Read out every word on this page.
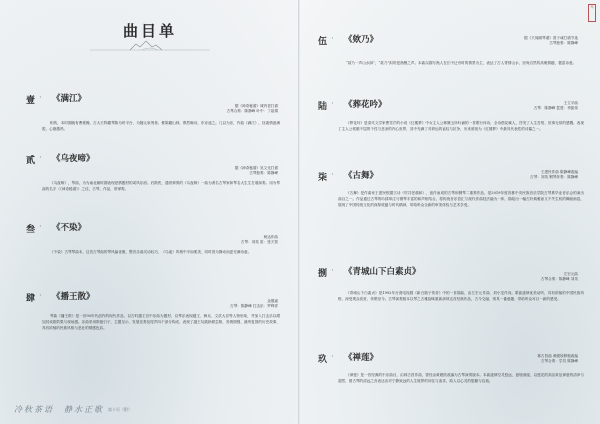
曲目单
壹 · 《满江》
据《神奇秘谱》城内老打谱
古琴合奏：陈静峰 叶中：丁祖娟
相传，本时期就有曹豪操，古大夫阵藏琴陈为时平台，为随元泉绣者。惟陈藏山林，惧然畅诗，东亦遥之。几以为乐，作曲《满江》，抚素情意满腔，心绪激昂。
贰 · 《乌夜啼》
据《神奇秘谱》吴文光打谱
古琴独奏：陈静峰
《乌夜啼》，琴曲，为为南北朝时期表现爱情题材的或风乐府。后散佚，通常弹奏的《乌夜啼》一曲为著名古琴家和琴名大生生打谱演奏。用为琴曲的名字（《神奇秘谱》）之佳，古琴，作品，常弹奏。
叁 · 《不染》
柯达作曲
古琴：刘英 笛：张天智
《不染》古琴琴曲本，这首古琴曲的琴风偏优雅，整首乐曲灵动轻巧，《乌夜》风格中平而柔美，同时因为静动而更充满诗意。
肆 · 《播王散》	金德遥
古琴：陈静峰 打击乐：罗利祥
琴曲《播王散》是一首90年代创作的现代作品，以古时越王宫中乐曲为题材，以琴乐表现越王、骑兵、文武大臣等人物形象，并加入打击乐以增加其戏剧效果与现场感。乐曲采用散板引子、主题呈示、发展变奏及尾声四个部分构成，表现了越王勾践卧薪尝胆、发愤图强、最终复国的历史故事，具有浓郁的民族风格与悲壮的情感色彩。
冷秋茶语　静水正歌 第十页（附）
伍 · 《欸乃》	据《天闻阁琴谱》曾子诚打谱节选
古琴独奏：陈静峰
“款乃一声山水绿”，“款乃”拟的是渔樵之声。本曲以描写渔人在江中泛舟时的情景为主，表达了古人寄情山水，崇尚自然的高雅情趣，极富诗意。
陆 · 《葬花吟》	王立平曲
古琴：陈静峰 琵琶：李振伟
《葬花吟》是清代文学家曹雪芹的小说《红楼梦》中女主人公林黛玉所吟诵的一首歌行体诗，全诗借花喻人，抒发了人生苦短、世事无常的感慨，表现了主人公孤傲不屈的个性与悲凉的内心世界，其中充满了对命运的哀叹与抗争，历来被视为《红楼梦》中最具代表性的诗篇之一。
柒 · 《古舞》	王建民作曲 陈静峰改编
古琴：刘英 钢琴伴奏：陈静峰
《古舞》是作曲家王建民根据古诗《村井老翁和》，创作而成的古琴和钢琴二重奏作品，是2019年度首都中央民族音乐学院古琴系毕业音乐会的演出曲目之一。作品通过古琴的吟猱绰注与钢琴丰富的和声相结合，将传统音乐语汇与现代作曲技法融为一体，描绘出一幅古朴典雅而又不失生机的舞蹈画卷，展现了中国传统文化的深厚底蕴与时代精神，带给听众全新的审美体验与艺术享受。
捌 · 《青城山下白素贞》	左宏元曲
古琴合奏：陈静峰 刘英
《青城山下白素贞》是1992年台湾电视剧《新白娘子传奇》中的一首插曲，由左宏元作曲、刘小龙作词。歌曲旋律优美动听，具有浓郁的中国民族风格，深受观众喜爱，传唱至今。古琴演奏版本以琴之古雅韵味重新演绎这首经典作品，古今交融，别具一番意趣，带给听众耳目一新的感受。
玖 · 《禅莲》	林古昌曲 黄媛欣移植改编
古琴合奏：学员 陈静峰
《禅莲》是一首经典的中乐曲目，由林古昌作曲，曾经由黄媛欣改编为古琴演奏版本。本曲旋律空灵悠远，意境深邃，以莲花的高洁象征禅意的清净与超然，借古琴的清远之音表达出对宁静致远的人生境界的向往与追求，给人以心灵的慰藉与启迪。
琴
